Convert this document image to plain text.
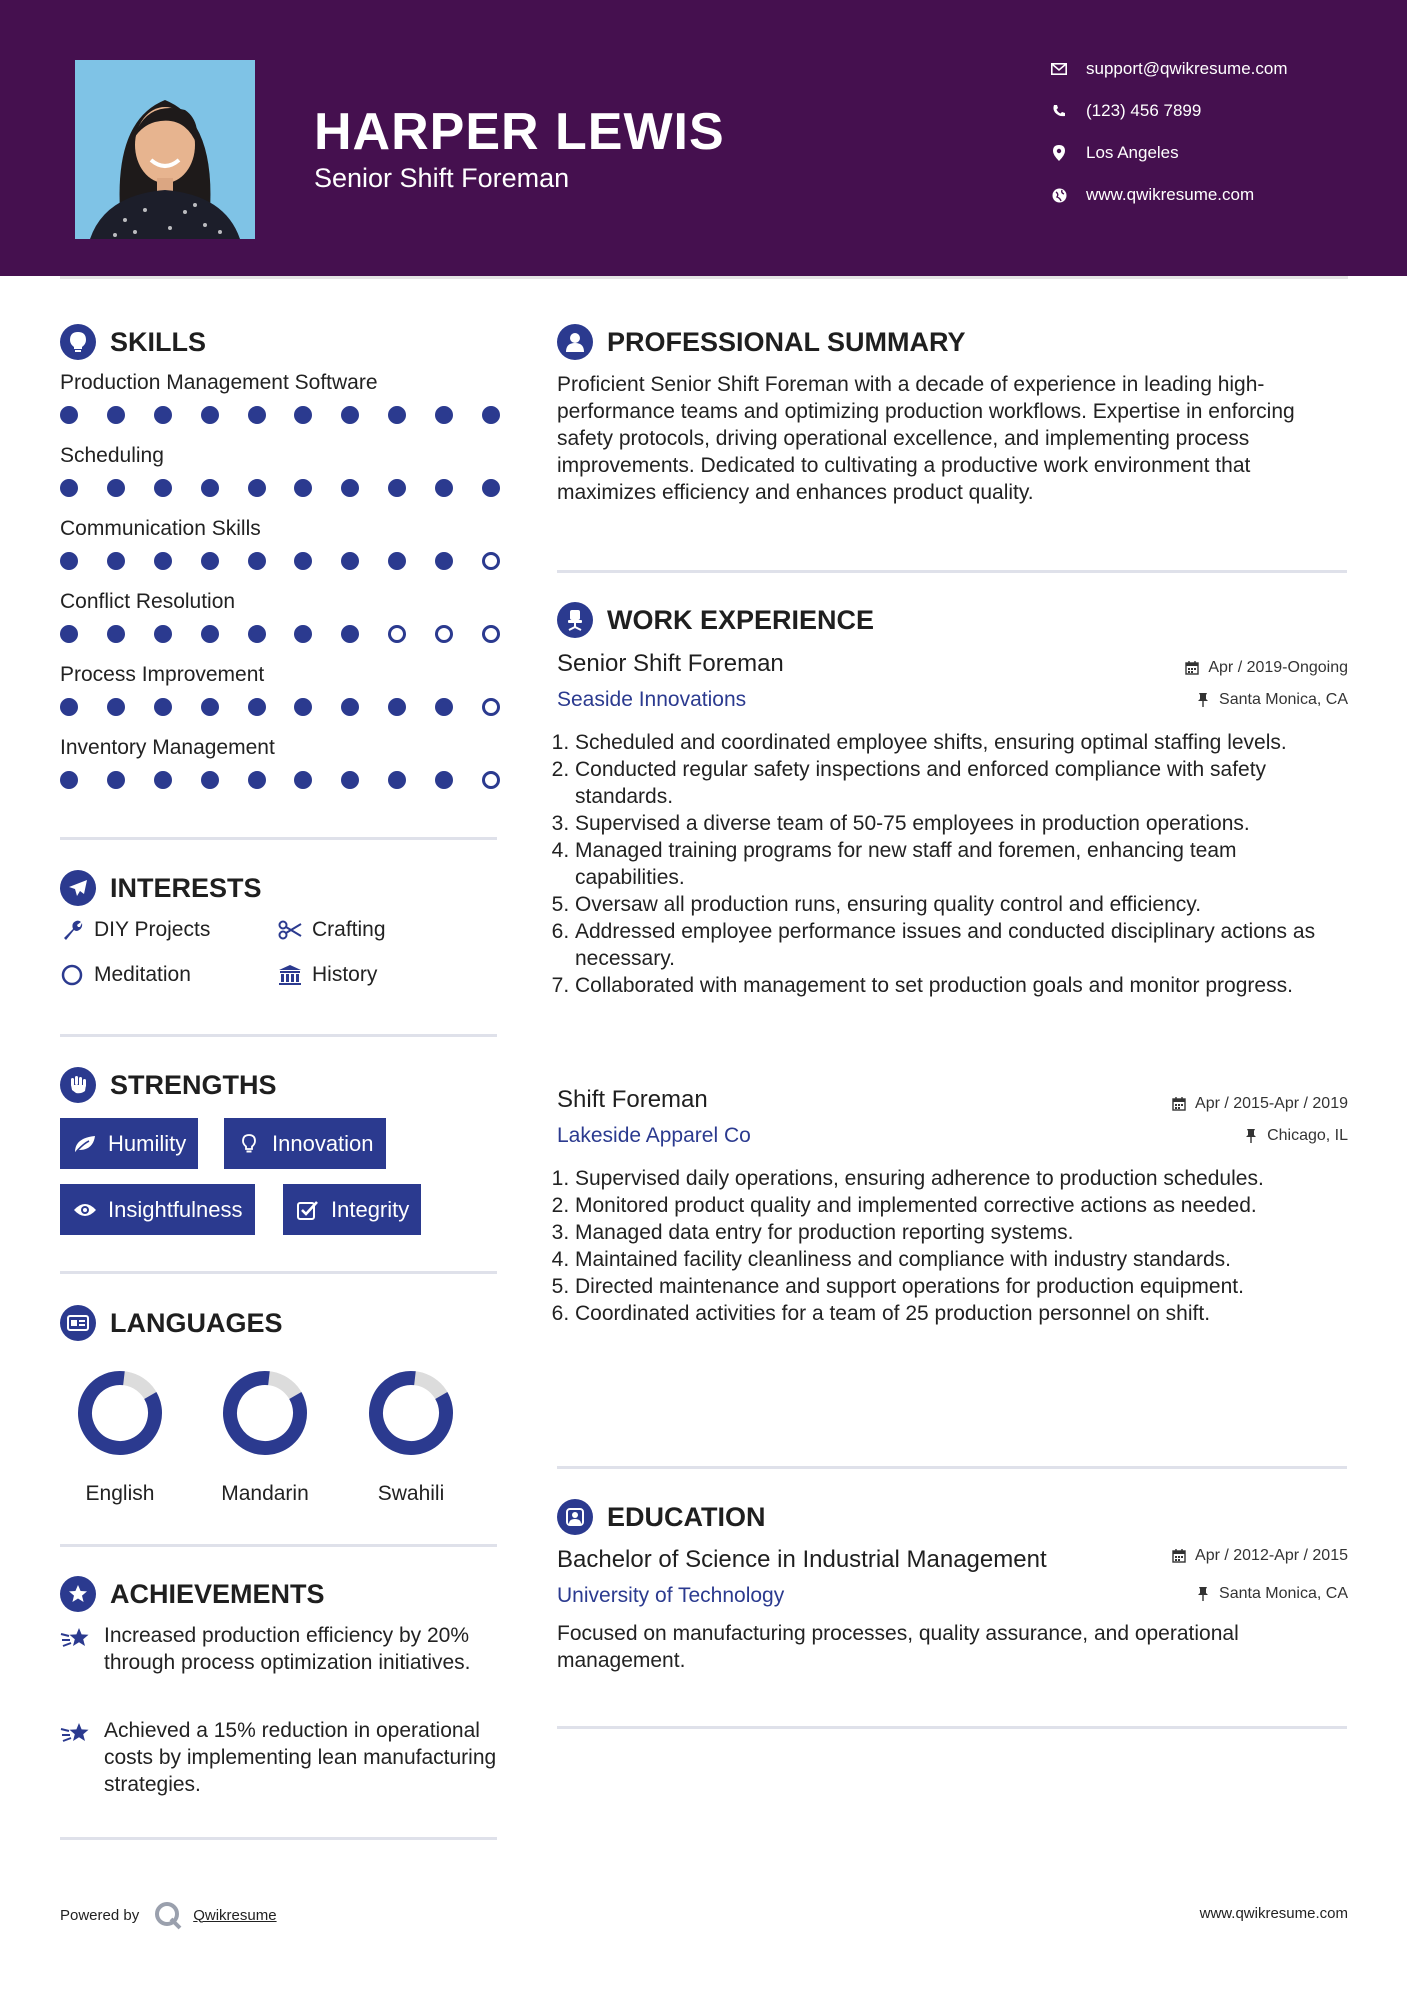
HARPER LEWIS
Senior Shift Foreman
support@qwikresume.com
(123) 456 7899
Los Angeles
www.qwikresume.com
SKILLS
Production Management Software
Scheduling
Communication Skills
Conflict Resolution
Process Improvement
Inventory Management
INTERESTS
DIY Projects	Crafting
Meditation	History
STRENGTHS
Humility	Innovation
Insightfulness	Integrity
LANGUAGES
English	Mandarin	Swahili
ACHIEVEMENTS
Increased production efficiency by 20% through process optimization initiatives.
Achieved a 15% reduction in operational costs by implementing lean manufacturing strategies.
PROFESSIONAL SUMMARY
Proficient Senior Shift Foreman with a decade of experience in leading high-performance teams and optimizing production workflows. Expertise in enforcing safety protocols, driving operational excellence, and implementing process improvements. Dedicated to cultivating a productive work environment that maximizes efficiency and enhances product quality.
WORK EXPERIENCE
Senior Shift Foreman	Apr / 2019-Ongoing
Seaside Innovations	Santa Monica, CA
1. Scheduled and coordinated employee shifts, ensuring optimal staffing levels.
2. Conducted regular safety inspections and enforced compliance with safety standards.
3. Supervised a diverse team of 50-75 employees in production operations.
4. Managed training programs for new staff and foremen, enhancing team capabilities.
5. Oversaw all production runs, ensuring quality control and efficiency.
6. Addressed employee performance issues and conducted disciplinary actions as necessary.
7. Collaborated with management to set production goals and monitor progress.
Shift Foreman	Apr / 2015-Apr / 2019
Lakeside Apparel Co	Chicago, IL
1. Supervised daily operations, ensuring adherence to production schedules.
2. Monitored product quality and implemented corrective actions as needed.
3. Managed data entry for production reporting systems.
4. Maintained facility cleanliness and compliance with industry standards.
5. Directed maintenance and support operations for production equipment.
6. Coordinated activities for a team of 25 production personnel on shift.
EDUCATION
Bachelor of Science in Industrial Management	Apr / 2012-Apr / 2015
University of Technology	Santa Monica, CA
Focused on manufacturing processes, quality assurance, and operational management.
Powered by	Qwikresume	www.qwikresume.com
